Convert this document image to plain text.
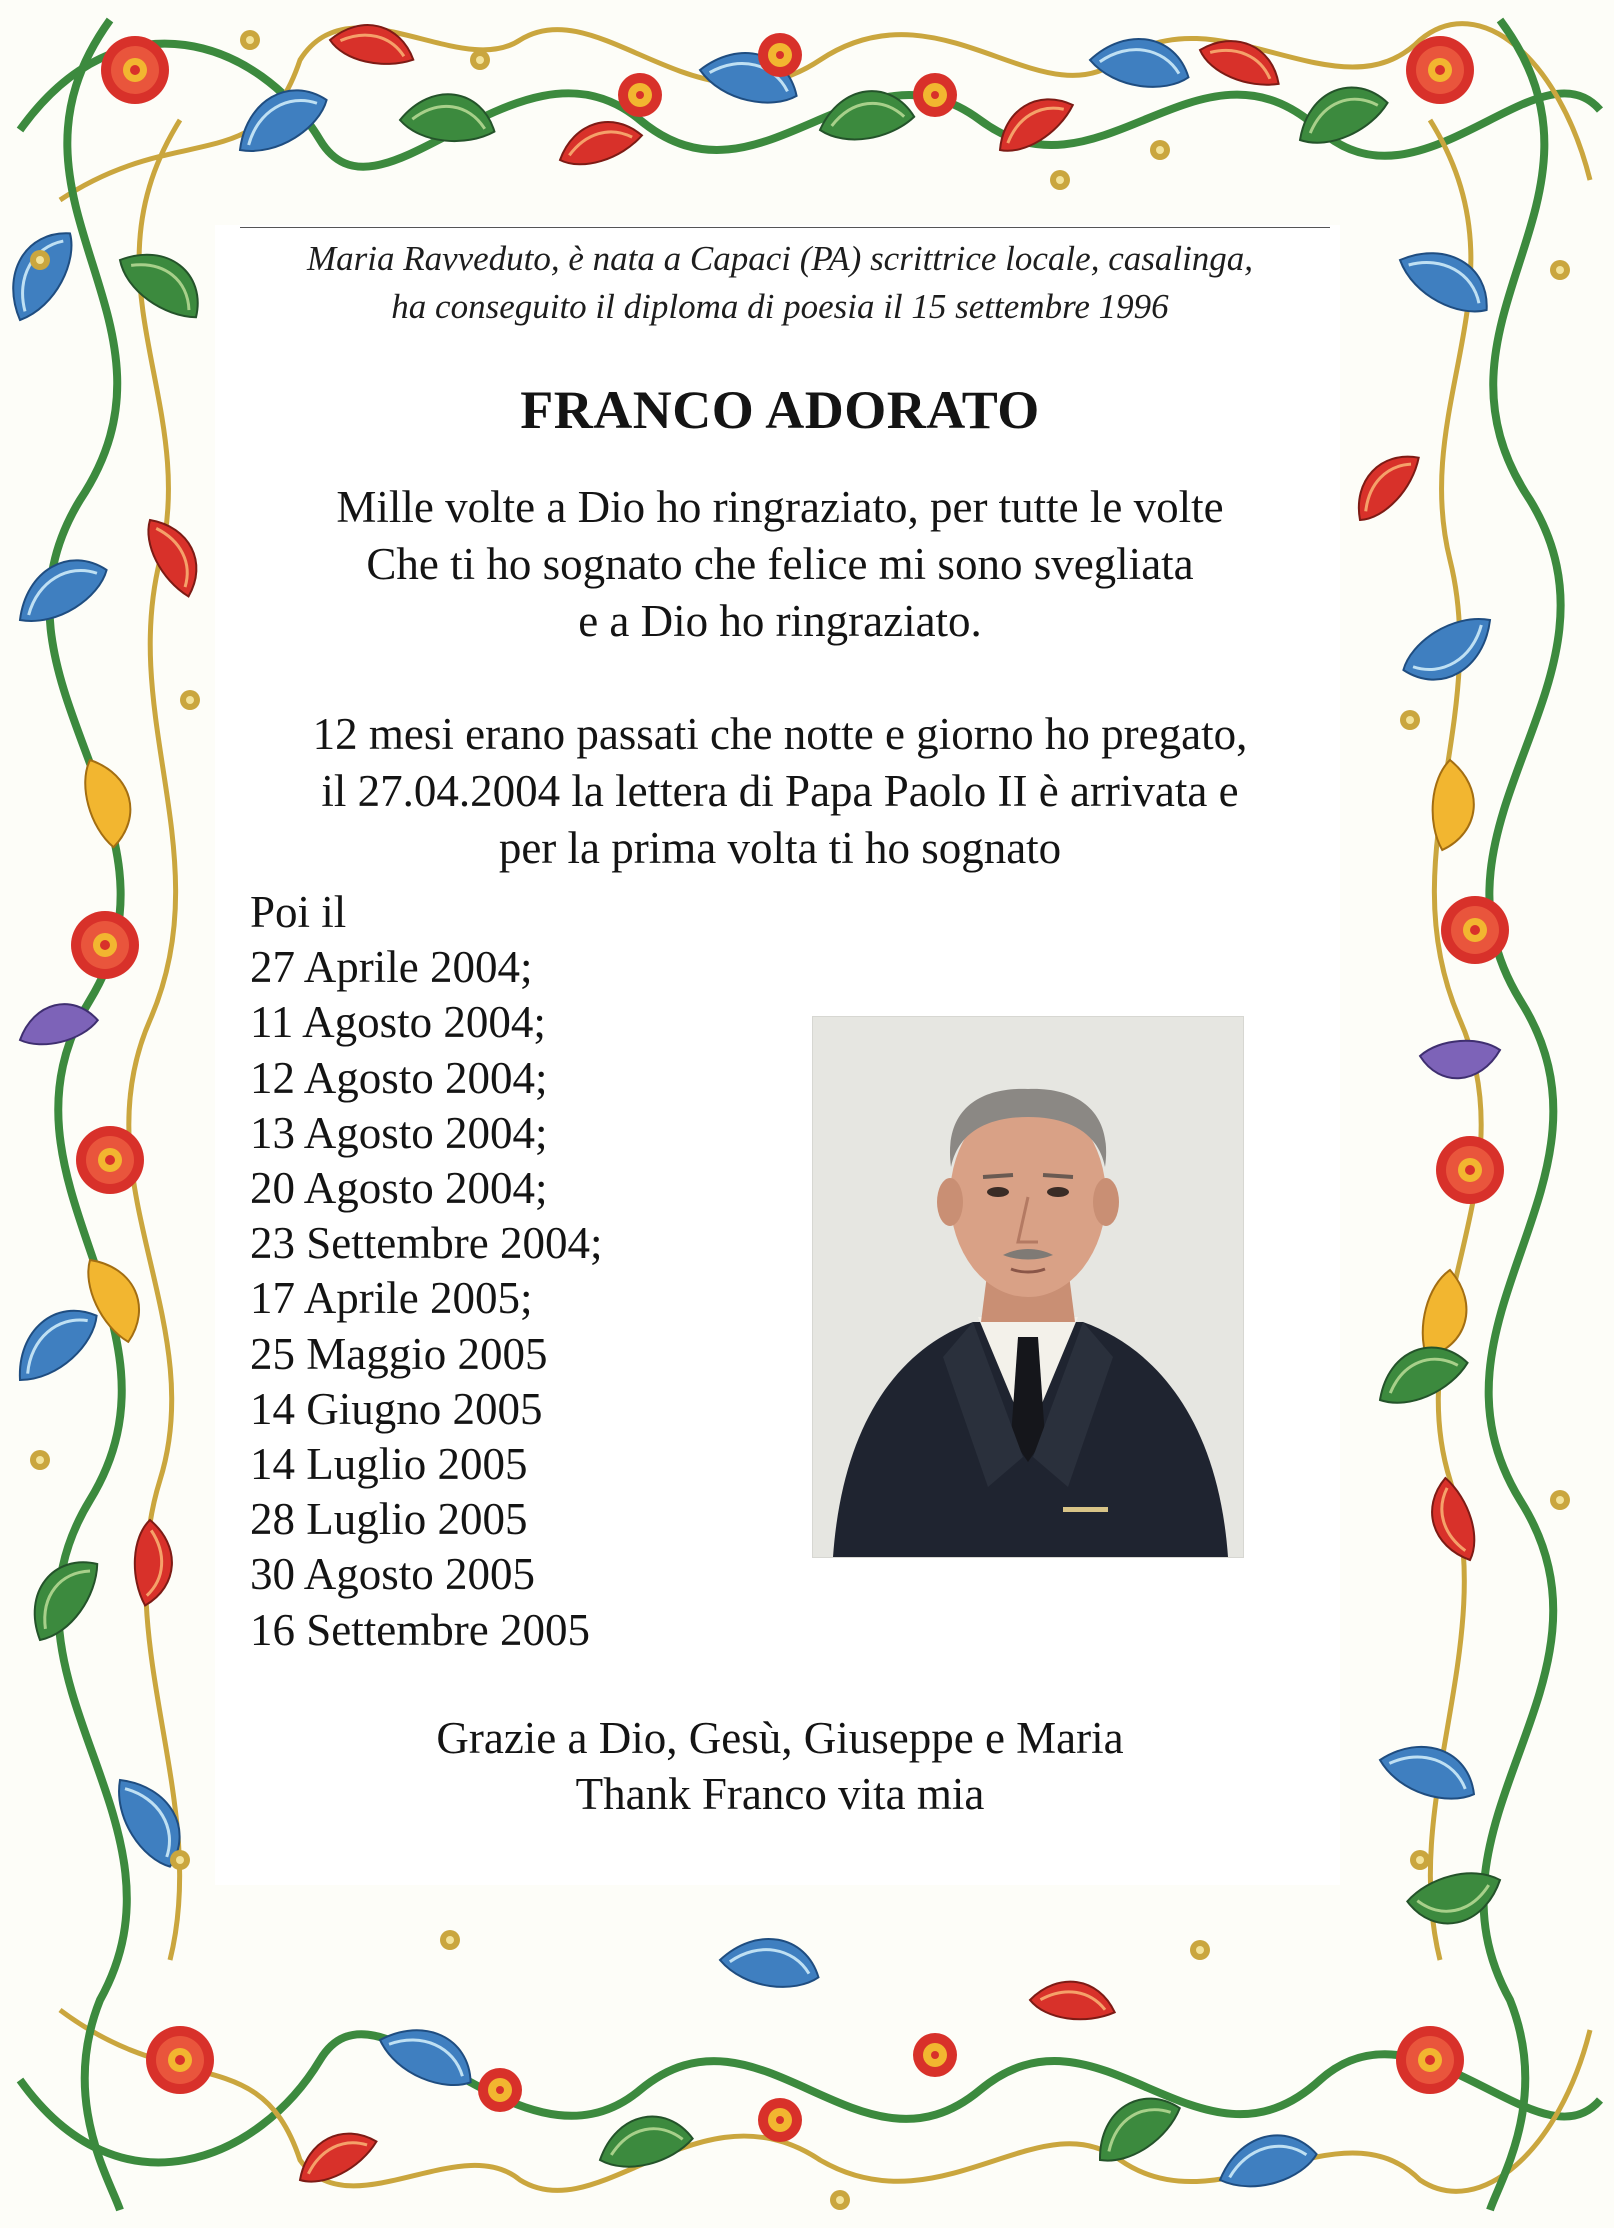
Maria Ravveduto, è nata a Capaci (PA) scrittrice locale, casalinga,
ha conseguito il diploma di poesia il 15 settembre 1996
FRANCO ADORATO
Mille volte a Dio ho ringraziato, per tutte le volte
Che ti ho sognato che felice mi sono svegliata
e a Dio ho ringraziato.
12 mesi erano passati che notte e giorno ho pregato,
il 27.04.2004 la lettera di Papa Paolo II è arrivata e
per la prima volta ti ho sognato
Poi il
27 Aprile 2004;
11 Agosto 2004;
12 Agosto 2004;
13 Agosto 2004;
20 Agosto 2004;
23 Settembre 2004;
17 Aprile 2005;
25 Maggio 2005
14 Giugno 2005
14 Luglio 2005
28 Luglio 2005
30 Agosto 2005
16 Settembre 2005
Grazie a Dio, Gesù, Giuseppe e Maria
Thank Franco vita mia
